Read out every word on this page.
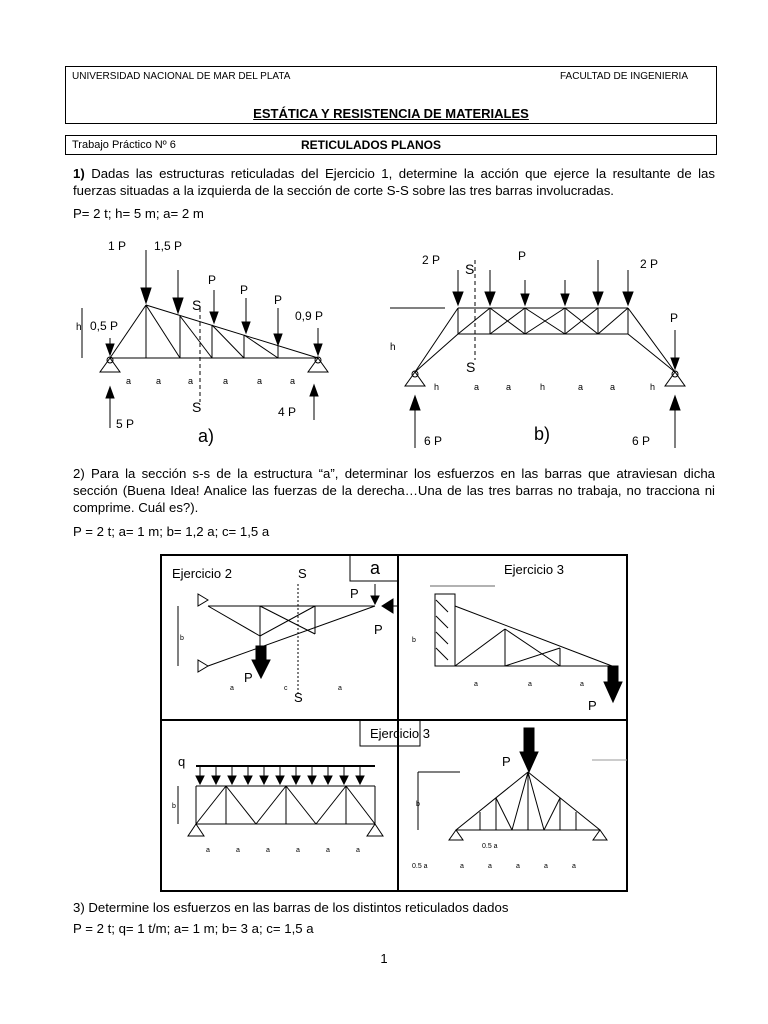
UNIVERSIDAD NACIONAL DE MAR DEL PLATA	FACULTAD DE INGENIERIA
ESTÁTICA Y RESISTENCIA DE MATERIALES
Trabajo Práctico Nº 6	RETICULADOS PLANOS
1) Dadas las estructuras reticuladas del Ejercicio 1, determine la acción que ejerce la resultante de las fuerzas situadas a la izquierda de la sección de corte S-S sobre las tres barras involucradas.
P= 2 t; h= 5 m; a= 2 m
1 P 1,5 P
P
P
P
0,9 P
0,5 P
S
S
h
5 P
4 P
a)
a	a	a	a	a	a
2 P	P
2 P
P
S
S
h
6 P	6 P
b)
h	a	a	h	a	a	h
2) Para la sección s-s de la estructura “a”, determinar los esfuerzos en las barras que atraviesan dicha sección (Buena Idea! Analice las fuerzas de la derecha…Una de las tres barras no trabaja, no tracciona ni comprime. Cuál es?).
P = 2 t; a= 1 m; b= 1,2 a; c= 1,5 a
Ejercicio 2	S	a
P
P
P
S
b
a	c	a
Ejercicio 3
P
b
a	a	a
Ejercicio 3
q
b
a	a	a	a	a	a
P
b
0.5 a
0.5 a	a	a	a	a	a
3) Determine los esfuerzos en las barras de los distintos reticulados dados
P = 2 t; q= 1 t/m; a= 1 m; b= 3 a; c= 1,5 a
1
